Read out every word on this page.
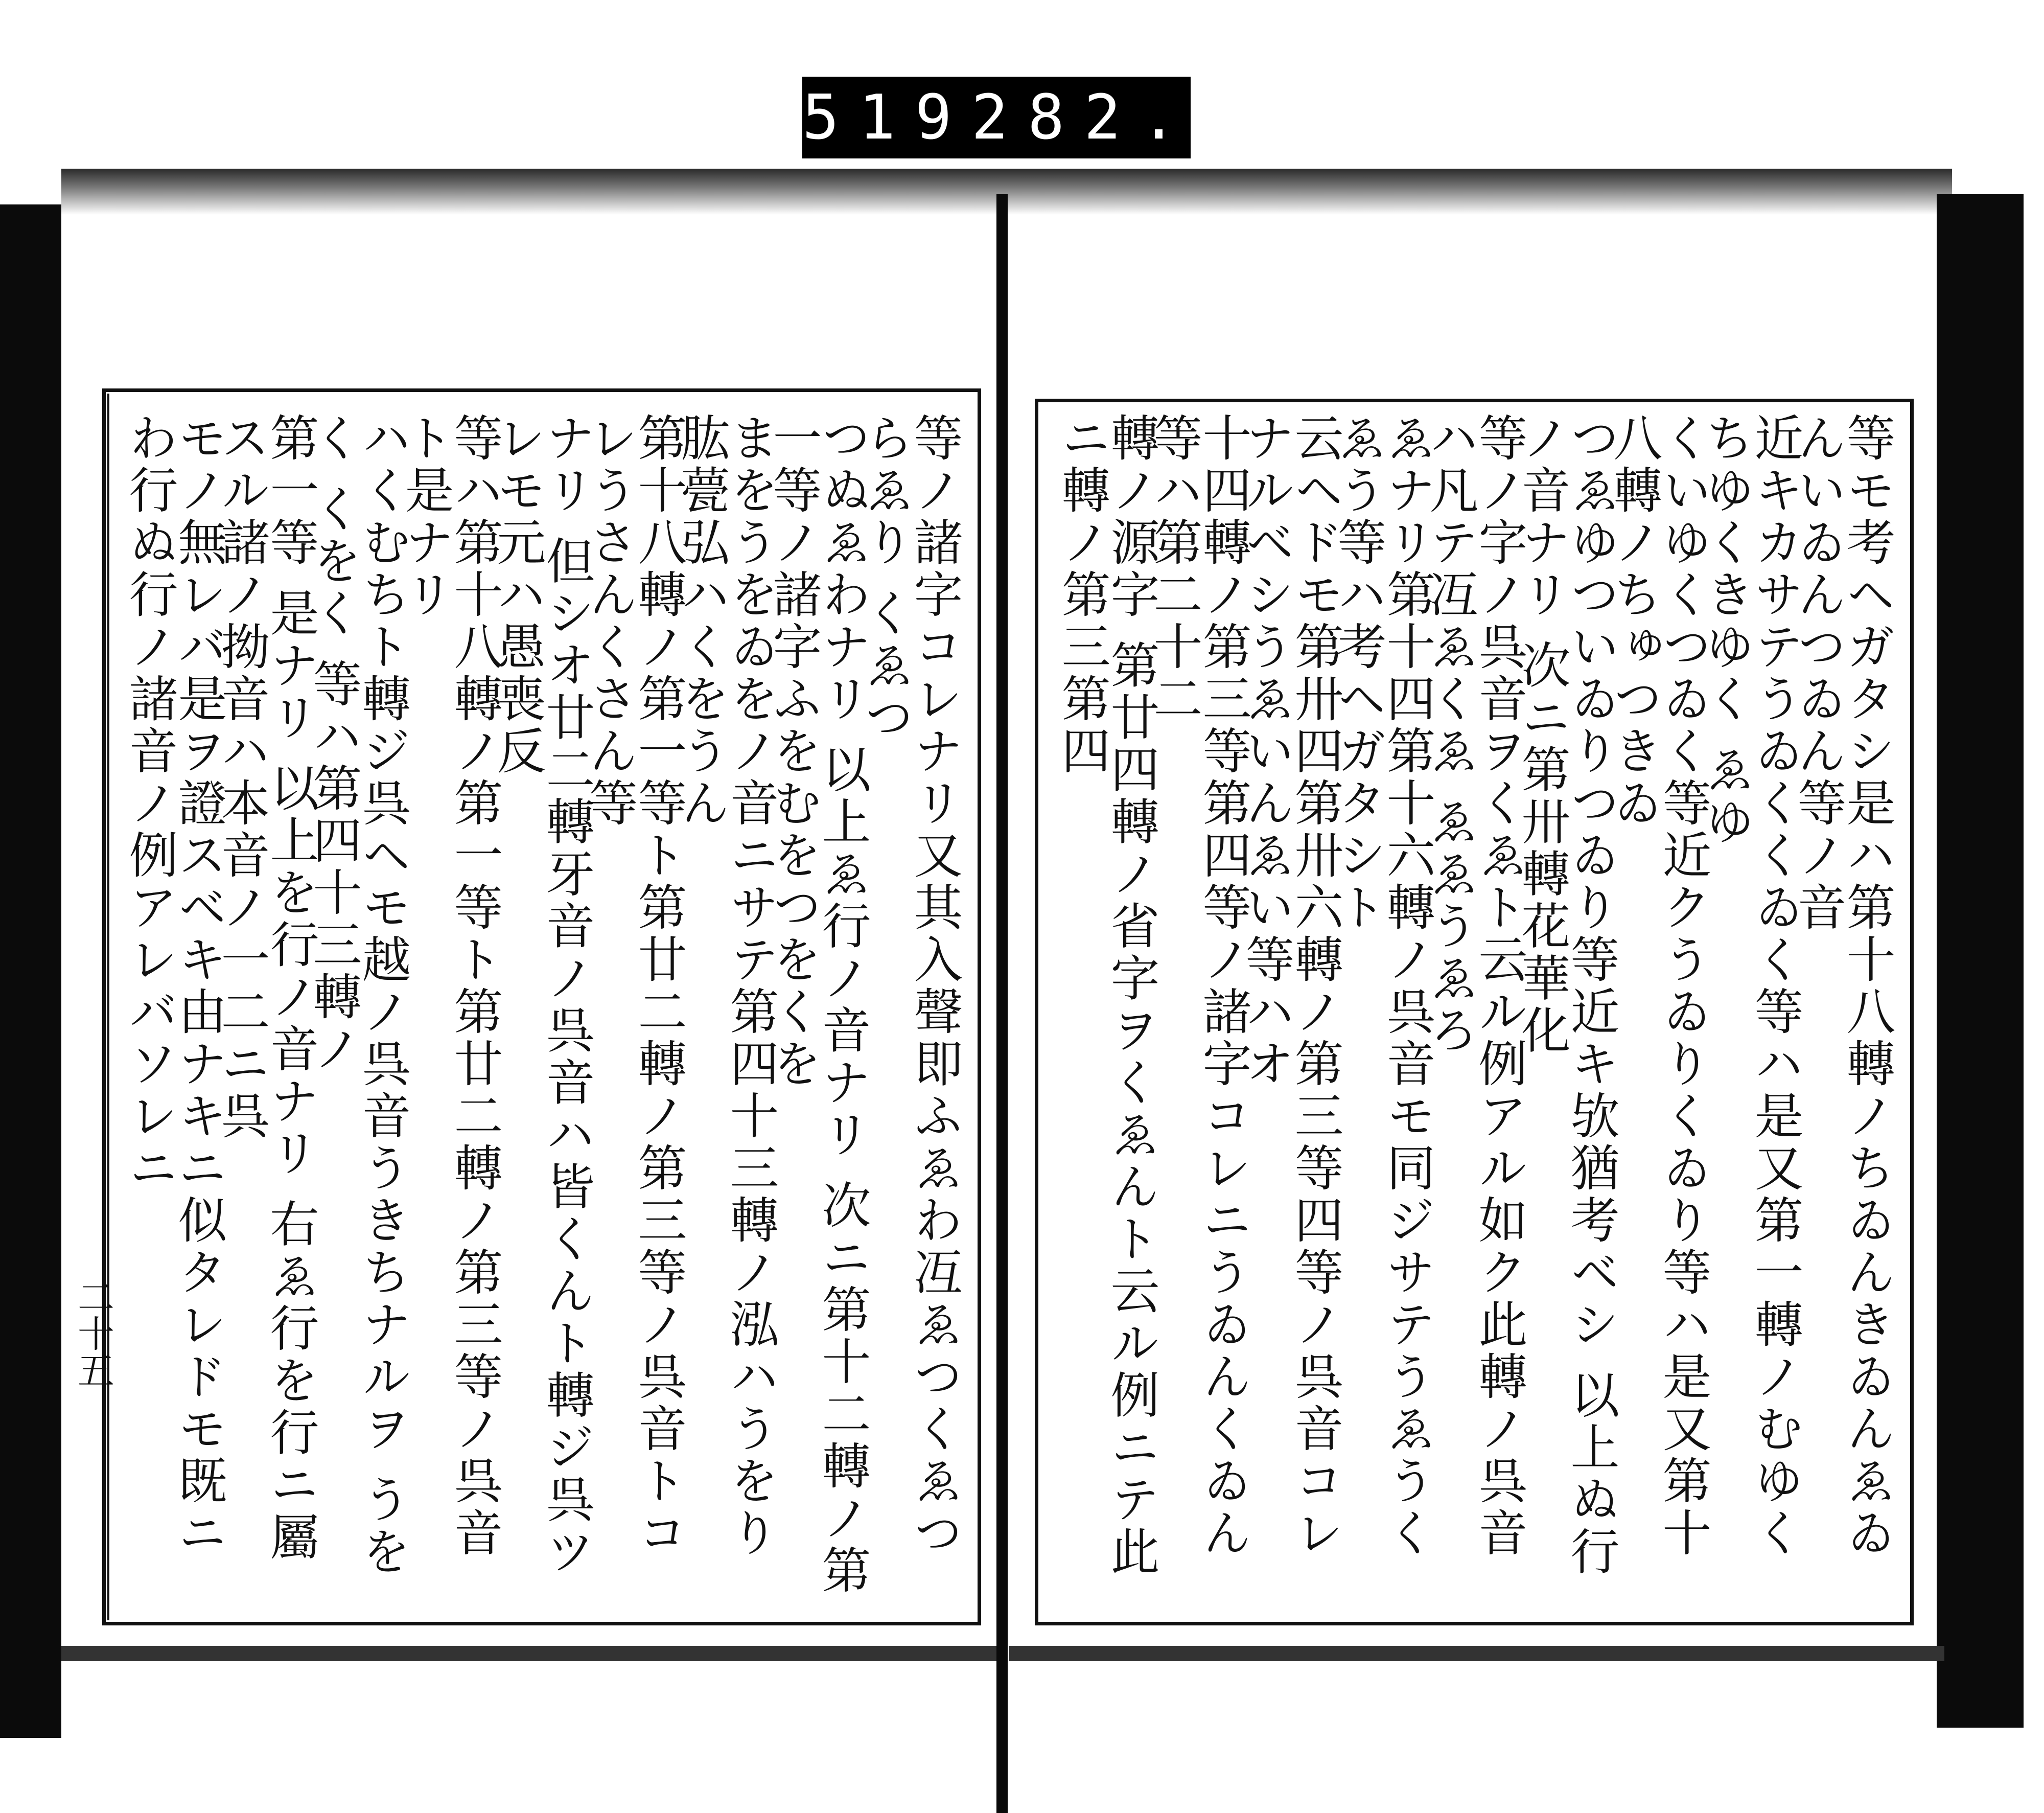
519 282.
二十五	等ノ諸字コレナリ又其入聲即ふゑわ冱ゑつくゑつらゑり くゑつ
つぬゑわナリ 以上ゑ行ノ音ナリ 次ニ第十二轉ノ第一等ノ諸字ふをむをつをくを
まをうをゐをノ音ニサテ第四十三轉ノ泓ハうをり肱甍弘ハくをうん
第十八轉ノ第一等ト第廿二轉ノ第三等ノ呉音トコレうさんくさん等
ナリ 但シオ廿二轉牙音ノ呉音ハ皆くんト轉ジ呉ツレモ元ハ愚喪反
等ハ第十八轉ノ第一等ト第廿二轉ノ第三等ノ呉音ト是ナリ
ハくむちト轉ジ呉ヘモ越ノ呉音うきちナルヲ うをく くをく 等ハ第四十三轉ノ
第一等 是ナリ 以上を行ノ音ナリ 右ゑ行を行ニ屬スル諸ノ拗音ハ本音ノ一二ニ呉
モノ無レバ是ヲ證スベキ由ナキニ似タレドモ既ニわ行ぬ行ノ諸音ノ例アレバソレニ	等モ考ヘガタシ是ハ第十八轉ノちゐんきゐんゑゐんいゐんつゐん等ノ音
近キカサテうゐくくゐく等ハ是又第一轉ノむゆくちゆくきゆく ゑゆ
くいゆくつゐく等近クうゐりくゐり等ハ是又第十八轉ノちゅつきゐ
つゑゆついゐりつゐり等近キ欤猶考ベシ 以上ぬ行ノ音ナリ 次ニ第卅轉花華化
等ノ字ノ呉音ヲくゑト云ル例アル如ク此轉ノ呉音ハ凡テ冱ゑくゑ ゑゑうゑろ
ゑナリ第十四第十六轉ノ呉音モ同ジサテうゑうくゑう等ハ考ヘガタシト
云ヘドモ第卅四第卅六轉ノ第三等四等ノ呉音コレナルベシうゑいんゑい等ハオ
十四轉ノ第三等第四等ノ諸字コレニうゐんくゐん等ハ第二十二
轉ノ源字 第廿四轉ノ省字ヲくゑんト云ル例ニテ此ニ轉ノ第三第四
